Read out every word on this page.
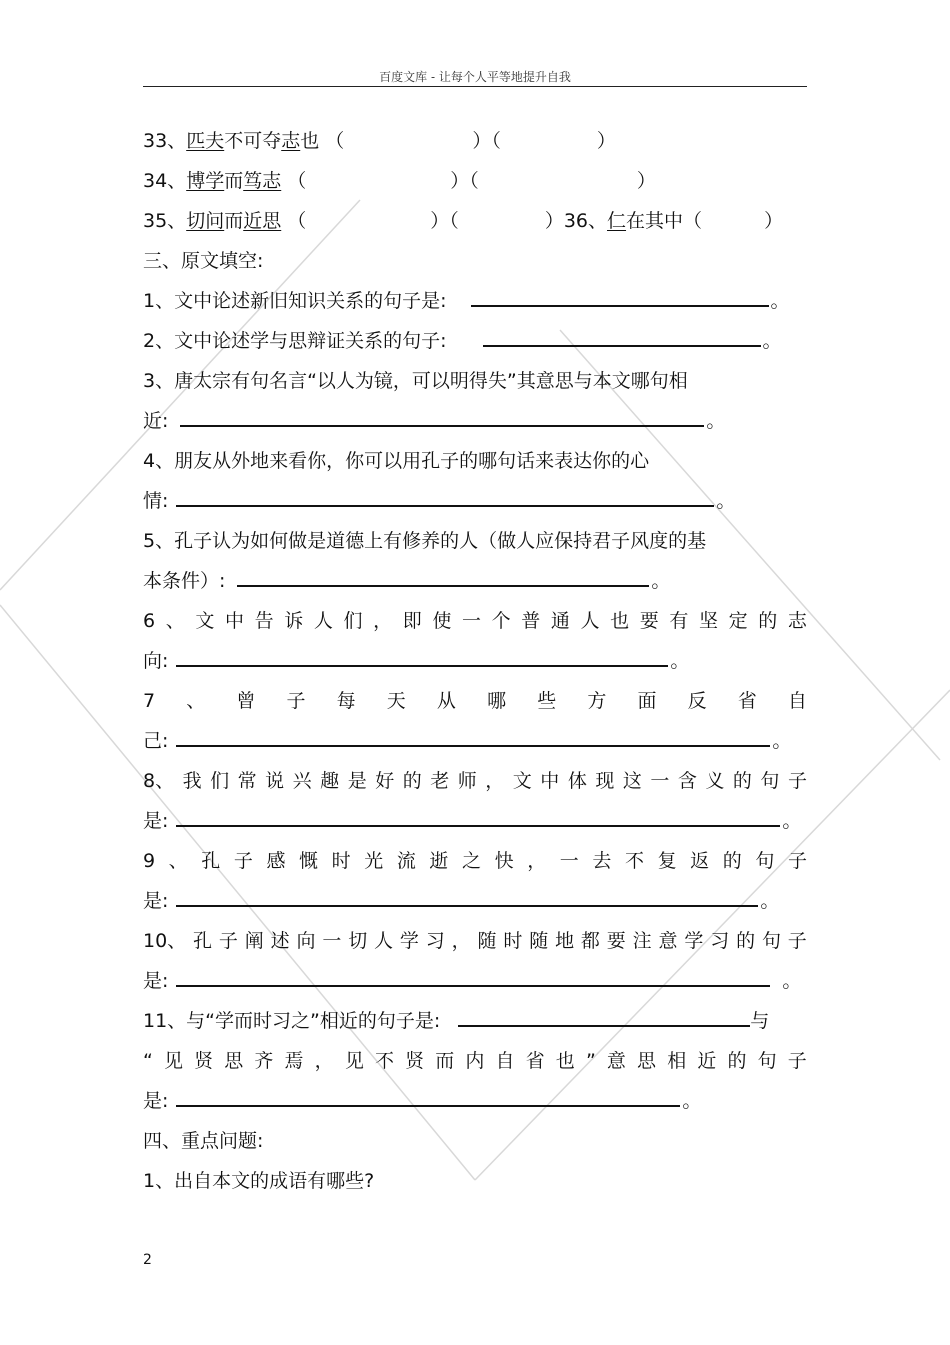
百度文库 - 让每个人平等地提升自我
33、匹夫不可夺志也 （	）（	）
34、博学而笃志 （	）（	）
35、切问而近思 （	）（	）36、仁在其中（	）
三、原文填空:
1、文中论述新旧知识关系的句子是:	。
2、文中论述学与思辩证关系的句子:	。
3、唐太宗有句名言“以人为镜，可以明得失”其意思与本文哪句相
近:	。
4、朋友从外地来看你，你可以用孔子的哪句话来表达你的心
情:	。
5、孔子认为如何做是道德上有修养的人（做人应保持君子风度的基
本条件）:	。
6 、 文 中 告 诉 人 们 ， 即 使 一 个 普 通 人 也 要 有 坚 定 的 志
向:	。
7 、 曾 子 每 天 从 哪 些 方 面 反 省 自
己:	。
8、 我 们 常 说 兴 趣 是 好 的 老 师 ， 文 中 体 现 这 一 含 义 的 句 子
是:	。
9 、 孔 子 感 慨 时 光 流 逝 之 快 ， 一 去 不 复 返 的 句 子
是:	。
10、 孔 子 阐 述 向 一 切 人 学 习 ， 随 时 随 地 都 要 注 意 学 习 的 句 子
是:	。
11、与“学而时习之”相近的句子是:	与
“ 见 贤 思 齐 焉 ， 见 不 贤 而 内 自 省 也 ” 意 思 相 近 的 句 子
是:	。
四、重点问题:
1、出自本文的成语有哪些?
2
